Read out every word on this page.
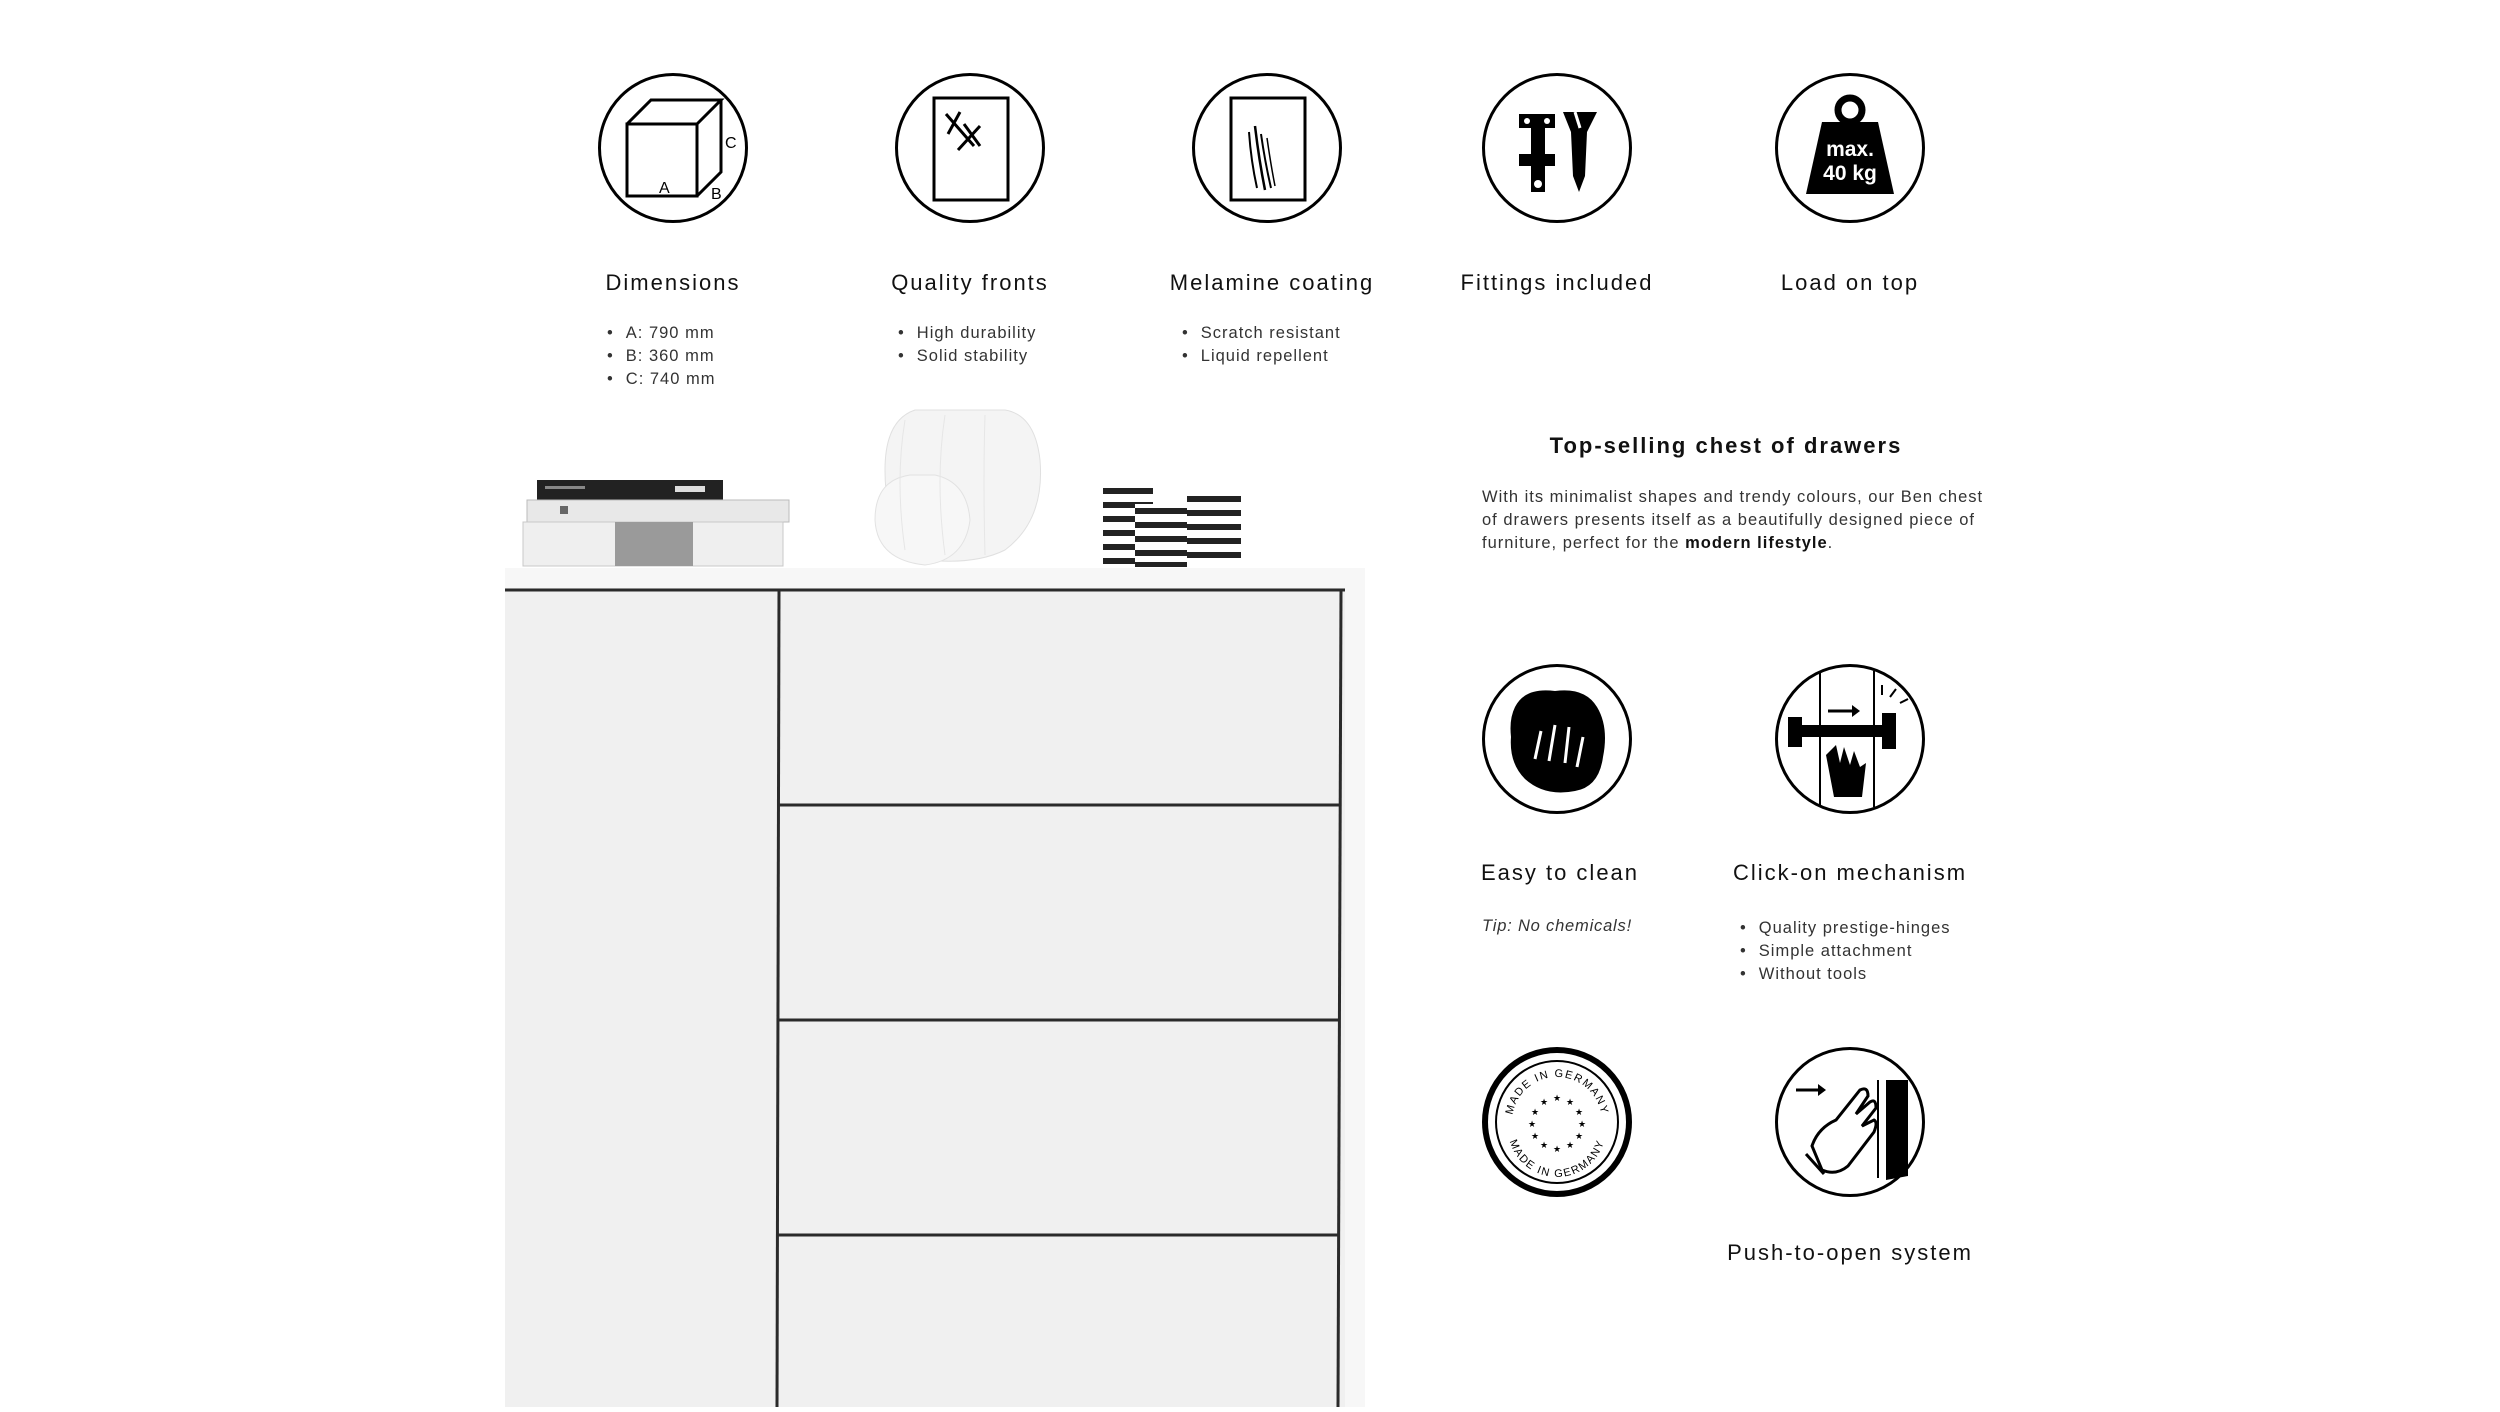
A	B
C
Dimensions
• A: 790 mm
• B: 360 mm
• C: 740 mm
Quality fronts
• High durability
• Solid stability
Melamine coating
• Scratch resistant
• Liquid repellent
Fittings included
max.
40 kg
Load on top
Top-selling chest of drawers
With its minimalist shapes and trendy colours, our Ben chest of drawers presents itself as a beautifully designed piece of furniture, perfect for the modern lifestyle.
Easy to clean
Tip: No chemicals!
Click-on mechanism
• Quality prestige-hinges
• Simple attachment
• Without tools
MADE IN GERMANY
MADE IN GERMANY
★ ★
★
★
★
★
★
★
★
★
★
★
Push-to-open system
